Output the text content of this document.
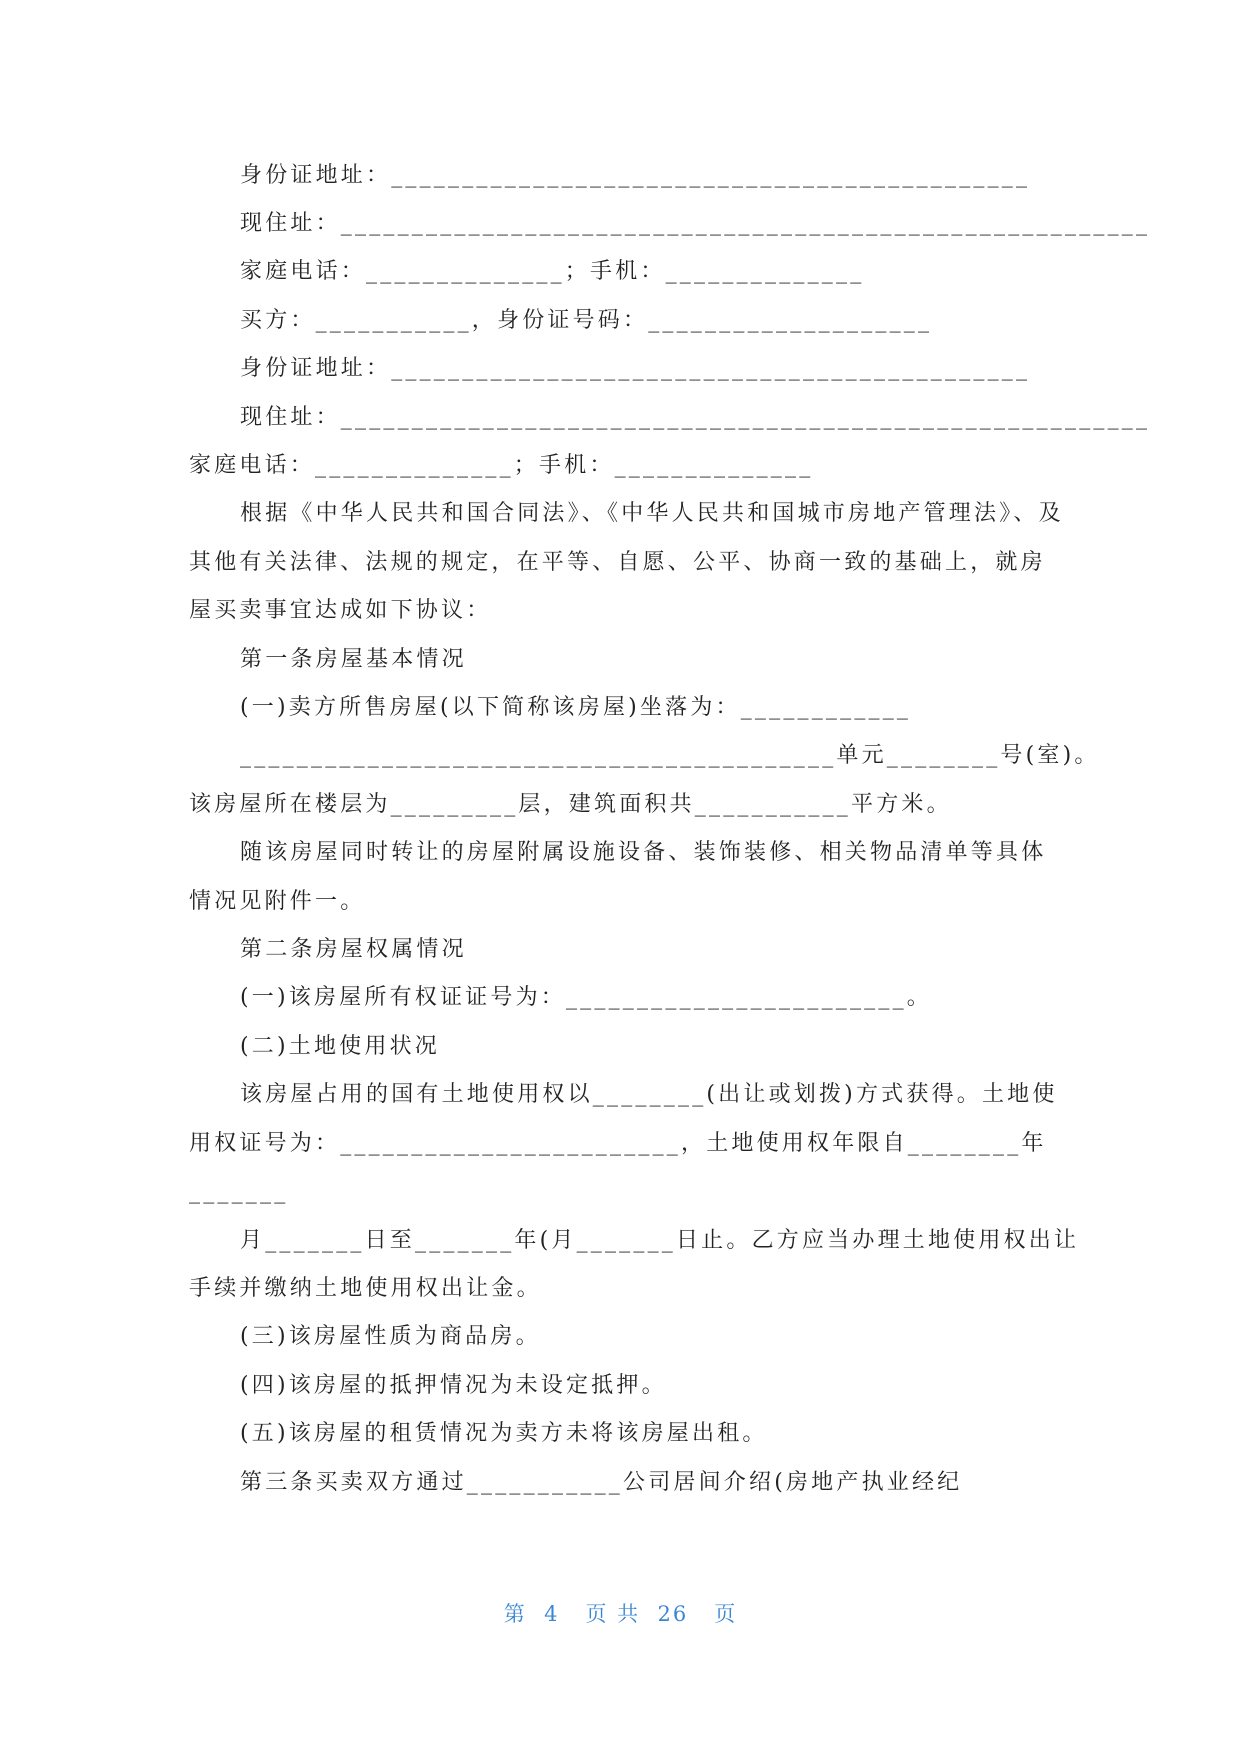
身份证地址：_____________________________________________

现住址：_________________________________________________________

家庭电话：______________；手机：______________

买方：___________，身份证号码：____________________

身份证地址：_____________________________________________

现住址：_________________________________________________________

家庭电话：______________；手机：______________

根据《中华人民共和国合同法》、《中华人民共和国城市房地产管理法》、及

其他有关法律、法规的规定，在平等、自愿、公平、协商一致的基础上，就房

屋买卖事宜达成如下协议：

第一条房屋基本情况

(一)卖方所售房屋(以下简称该房屋)坐落为：____________

__________________________________________单元________号(室)。

该房屋所在楼层为_________层，建筑面积共___________平方米。

随该房屋同时转让的房屋附属设施设备、装饰装修、相关物品清单等具体

情况见附件一。

第二条房屋权属情况

(一)该房屋所有权证证号为：________________________。

(二)土地使用状况

该房屋占用的国有土地使用权以________(出让或划拨)方式获得。土地使

用权证号为：________________________，土地使用权年限自________年

_______

月_______日至_______年(月_______日止。乙方应当办理土地使用权出让

手续并缴纳土地使用权出让金。

(三)该房屋性质为商品房。

(四)该房屋的抵押情况为未设定抵押。

(五)该房屋的租赁情况为卖方未将该房屋出租。

第三条买卖双方通过___________公司居间介绍(房地产执业经纪

第  4   页 共  26   页
